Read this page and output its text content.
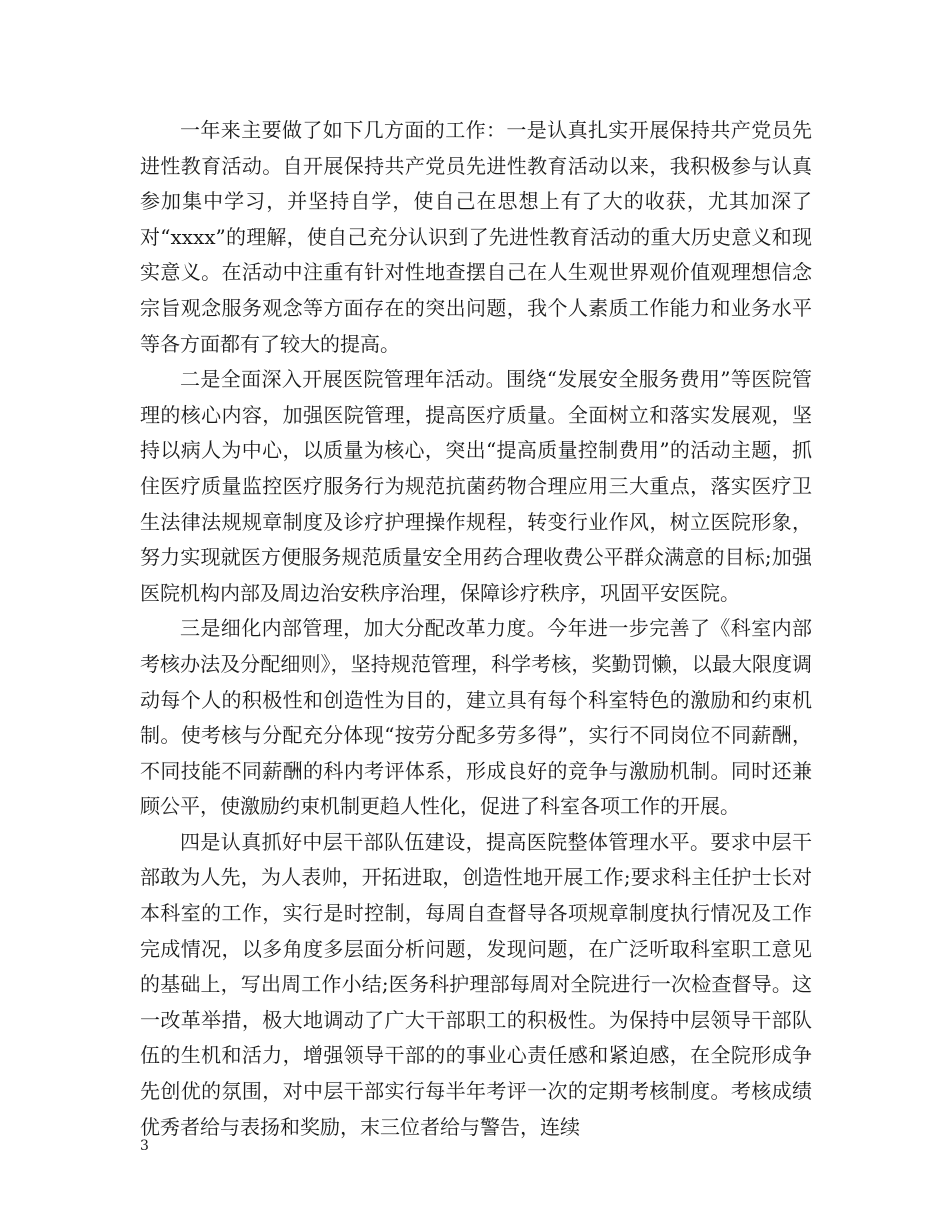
一年来主要做了如下几方面的工作：一是认真扎实开展保持共产党员先进性教育活动。自开展保持共产党员先进性教育活动以来，我积极参与认真参加集中学习，并坚持自学，使自己在思想上有了大的收获，尤其加深了对“xxxx”的理解，使自己充分认识到了先进性教育活动的重大历史意义和现实意义。在活动中注重有针对性地查摆自己在人生观世界观价值观理想信念宗旨观念服务观念等方面存在的突出问题，我个人素质工作能力和业务水平等各方面都有了较大的提高。

二是全面深入开展医院管理年活动。围绕“发展安全服务费用”等医院管理的核心内容，加强医院管理，提高医疗质量。全面树立和落实发展观，坚持以病人为中心，以质量为核心，突出“提高质量控制费用”的活动主题，抓住医疗质量监控医疗服务行为规范抗菌药物合理应用三大重点，落实医疗卫生法律法规规章制度及诊疗护理操作规程，转变行业作风，树立医院形象，努力实现就医方便服务规范质量安全用药合理收费公平群众满意的目标;加强医院机构内部及周边治安秩序治理，保障诊疗秩序，巩固平安医院。

三是细化内部管理，加大分配改革力度。今年进一步完善了《科室内部考核办法及分配细则》，坚持规范管理，科学考核，奖勤罚懒，以最大限度调动每个人的积极性和创造性为目的，建立具有每个科室特色的激励和约束机制。使考核与分配充分体现“按劳分配多劳多得”，实行不同岗位不同薪酬，不同技能不同薪酬的科内考评体系，形成良好的竞争与激励机制。同时还兼顾公平，使激励约束机制更趋人性化，促进了科室各项工作的开展。

四是认真抓好中层干部队伍建设，提高医院整体管理水平。要求中层干部敢为人先，为人表帅，开拓进取，创造性地开展工作;要求科主任护士长对本科室的工作，实行是时控制，每周自查督导各项规章制度执行情况及工作完成情况，以多角度多层面分析问题，发现问题，在广泛听取科室职工意见的基础上，写出周工作小结;医务科护理部每周对全院进行一次检查督导。这一改革举措，极大地调动了广大干部职工的积极性。为保持中层领导干部队伍的生机和活力，增强领导干部的的事业心责任感和紧迫感，在全院形成争先创优的氛围，对中层干部实行每半年考评一次的定期考核制度。考核成绩优秀者给与表扬和奖励，末三位者给与警告，连续

3
